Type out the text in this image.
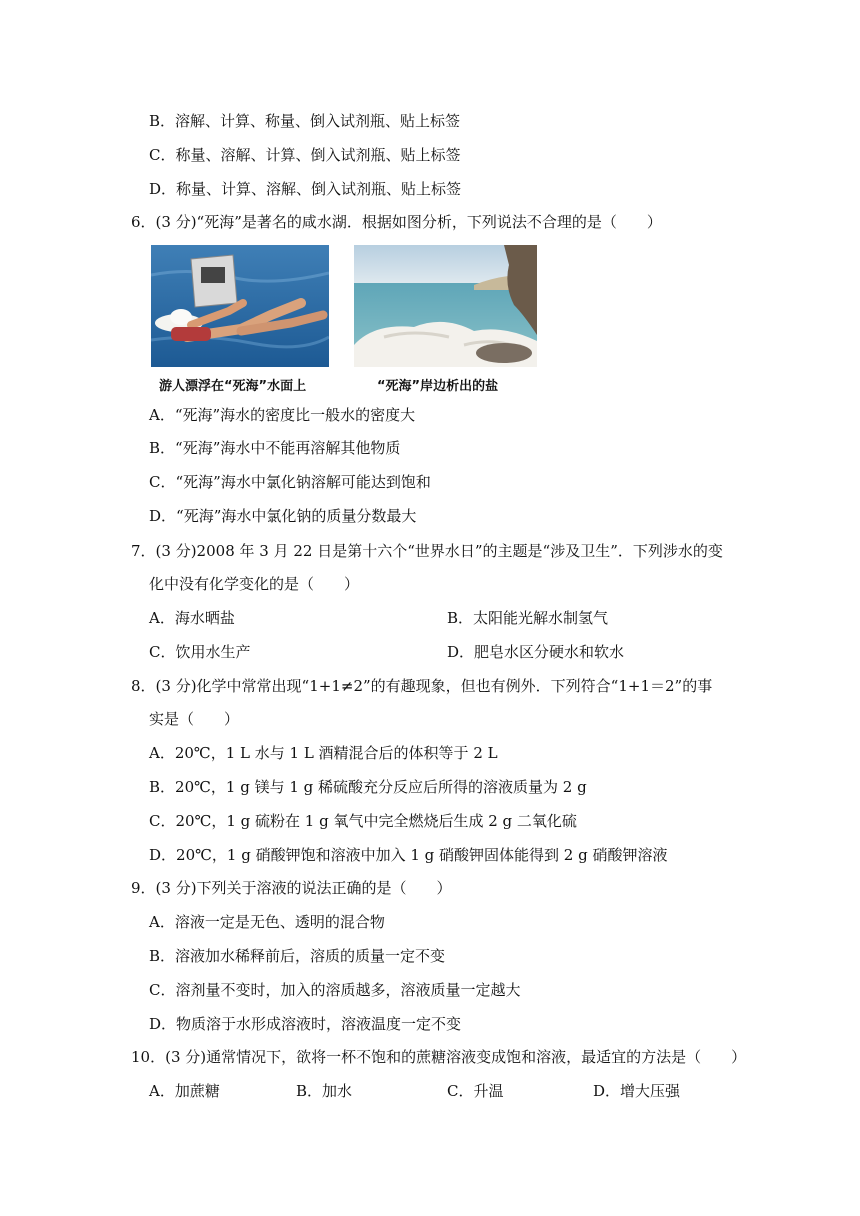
B．溶解、计算、称量、倒入试剂瓶、贴上标签
C．称量、溶解、计算、倒入试剂瓶、贴上标签
D．称量、计算、溶解、倒入试剂瓶、贴上标签
6．(3 分)“死海”是著名的咸水湖．根据如图分析，下列说法不合理的是（　　）
游人漂浮在“死海”水面上	“死海”岸边析出的盐
A．“死海”海水的密度比一般水的密度大
B．“死海”海水中不能再溶解其他物质
C．“死海”海水中氯化钠溶解可能达到饱和
D．“死海”海水中氯化钠的质量分数最大
7．(3 分)2008 年 3 月 22 日是第十六个“世界水日”的主题是“涉及卫生”．下列涉水的变
化中没有化学变化的是（　　）
A．海水晒盐	B．太阳能光解水制氢气
C．饮用水生产	D．肥皂水区分硬水和软水
8．(3 分)化学中常常出现“1+1≠2”的有趣现象，但也有例外．下列符合“1+1＝2”的事
实是（　　）
A．20℃，1 L 水与 1 L 酒精混合后的体积等于 2 L
B．20℃，1 g 镁与 1 g 稀硫酸充分反应后所得的溶液质量为 2 g
C．20℃，1 g 硫粉在 1 g 氧气中完全燃烧后生成 2 g 二氧化硫
D．20℃，1 g 硝酸钾饱和溶液中加入 1 g 硝酸钾固体能得到 2 g 硝酸钾溶液
9．(3 分)下列关于溶液的说法正确的是（　　）
A．溶液一定是无色、透明的混合物
B．溶液加水稀释前后，溶质的质量一定不变
C．溶剂量不变时，加入的溶质越多，溶液质量一定越大
D．物质溶于水形成溶液时，溶液温度一定不变
10．(3 分)通常情况下，欲将一杯不饱和的蔗糖溶液变成饱和溶液，最适宜的方法是（　　）
A．加蔗糖	B．加水	C．升温	D．增大压强
